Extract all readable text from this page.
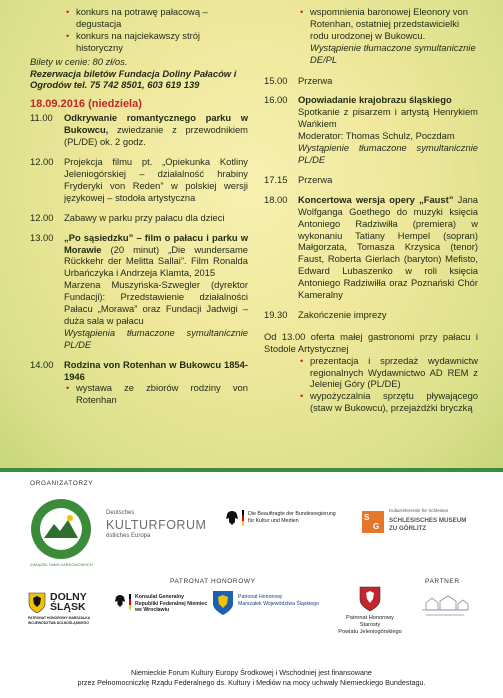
• konkurs na potrawę pałacową – degustacja
• konkurs na najciekawszy strój historyczny
Bilety w cenie: 80 zł/os.
Rezerwacja biletów Fundacja Doliny Pałaców i Ogrodów tel. 75 742 8501, 603 619 139
18.09.2016 (niedziela)
11.00	Odkrywanie romantycznego parku w Bukowcu, zwiedzanie z przewodnikiem (PL/DE) ok. 2 godz.
12.00	Projekcja filmu pt. „Opiekunka Kotliny Jeleniogórskiej – działalność hrabiny Fryderyki von Reden” w polskiej wersji językowej – stodoła artystyczna
12.00	Zabawy w parku przy pałacu dla dzieci
13.00	„Po sąsiedzku” – film o pałacu i parku w Morawie (20 minut) „Die wundersame Rückkehr der Melitta Sallai”. Film Ronalda Urbańczyka i Andrzeja Klamta, 2015

Marzena Muszyńska-Szwegler (dyrektor Fundacji): Przedstawienie działalności Pałacu „Morawa” oraz Fundacji Jadwigi – duża sala w pałacu

Wystąpienia tłumaczone symultanicznie PL/DE

14.00	Rodzina von Rotenhan w Bukowcu 1854-1946

• wystawa ze zbiorów rodziny von Rotenhan
• wspomnienia baronowej Eleonory von Rotenhan, ostatniej przedstawicielki rodu urodzonej w Bukowcu.

Wystąpienie tłumaczone symultanicznie DE/PL

15.00	Przerwa
16.00	Opowiadanie krajobrazu śląskiego

Spotkanie z pisarzem i artystą Henrykiem Wańkiem

Moderator: Thomas Schulz, Poczdam

Wystąpienie tłumaczone symultanicznie PL/DE

17.15	Przerwa
18.00	Koncertowa wersja opery „Faust” Jana Wolfganga Goethego do muzyki księcia Antoniego Radziwiłła (premiera) w wykonaniu Tatiany Hempel (sopran) Małgorzata, Tomasza Krzysica (tenor) Faust, Roberta Gierlach (baryton) Mefisto, Edward Lubaszenko w roli księcia Antoniego Radziwiłła oraz Poznański Chór Kameralny
19.30	Zakończenie imprezy

Od 13.00 oferta małej gastronomi przy pałacu i Stodole Artystycznej

• prezentacja i sprzedaż wydawnictw regionalnych Wydawnictwo AD REM z Jeleniej Góry (PL/DE)
• wypożyczalnia sprzętu pływającego (staw w Bukowcu), przejażdżki bryczką
ORGANIZATORZY
ZWIĄZEK GMIN KARKONOSKICH
Deutsches
KULTURFORUM
östliches Europa
Die Beauftragte der Bundesregierung
für Kultur und Medien	S
G
Kulturreferentin für Schlesien
SCHLESISCHES MUSEUM
ZU GÖRLITZ
PATRONAT HONOROWY	PARTNER
DOLNY
ŚLĄSK
PATRONAT HONOROWY MARSZAŁKA WOJEWÓDZTWA DOLNOŚLĄSKIEGO
Konsulat Generalny
Republiki Federalnej Niemiec
we Wrocławiu
Patronat Honorowy
Marszałek Województwa Śląskiego
Patronat Honorowy
Starosty
Powiatu Jeleniogórskiego
Niemieckie Forum Kultury Europy Środkowej i Wschodniej jest finansowane
przez Pełnomocniczkę Rządu Federalnego ds. Kultury i Mediów na mocy uchwały Niemieckiego Bundestagu.
